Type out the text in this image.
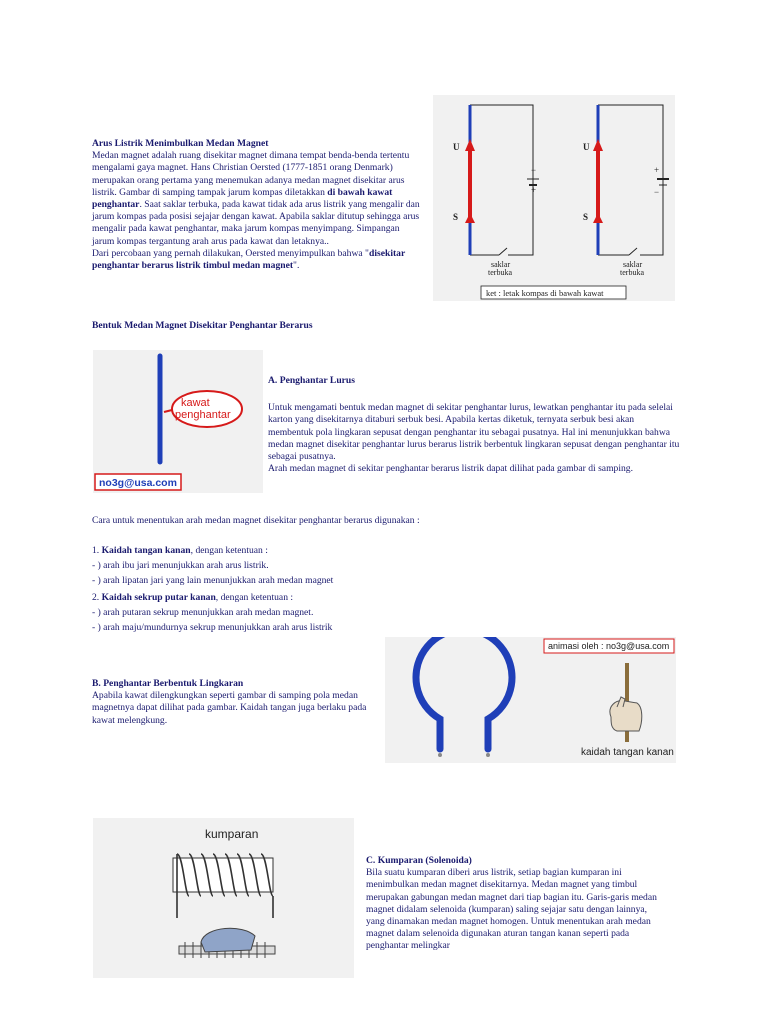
Arus Listrik Menimbulkan Medan Magnet

Medan magnet adalah ruang disekitar magnet dimana tempat benda-benda tertentu mengalami gaya magnet. Hans Christian Oersted (1777-1851 orang Denmark) merupakan orang pertama yang menemukan adanya medan magnet disekitar arus listrik. Gambar di samping tampak jarum kompas diletakkan di bawah kawat penghantar. Saat saklar terbuka, pada kawat tidak ada arus listrik yang mengalir dan jarum kompas pada posisi sejajar dengan kawat. Apabila saklar ditutup sehingga arus mengalir pada kawat penghantar, maka jarum kompas menyimpang. Simpangan jarum kompas tergantung arah arus pada kawat dan letaknya..

Dari percobaan yang pernah dilakukan, Oersted menyimpulkan bahwa "disekitar penghantar berarus listrik timbul medan magnet".

U
S
−
+
saklar
terbuka
U
S
+
−
saklar
terbuka
ket : letak kompas di bawah kawat

Bentuk Medan Magnet Disekitar Penghantar Berarus

kawat
penghantar
no3g@usa.com

A. Penghantar Lurus

Untuk mengamati bentuk medan magnet di sekitar penghantar lurus, lewatkan penghantar itu pada selelai karton yang disekitarnya ditaburi serbuk besi. Apabila kertas diketuk, ternyata serbuk besi akan membentuk pola lingkaran sepusat dengan penghantar itu sebagai pusatnya. Hal ini menunjukkan bahwa medan magnet disekitar penghantar lurus berarus listrik berbentuk lingkaran sepusat dengan penghantar itu sebagai pusatnya.

Arah medan magnet di sekitar penghantar berarus listrik dapat dilihat pada gambar di samping.

Cara untuk menentukan arah medan magnet disekitar penghantar berarus digunakan :

1. Kaidah tangan kanan, dengan ketentuan :

- ) arah ibu jari menunjukkan arah arus listrik.

- ) arah lipatan jari yang lain menunjukkan arah medan magnet

2. Kaidah sekrup putar kanan, dengan ketentuan :

- ) arah putaran sekrup menunjukkan arah medan magnet.

- ) arah maju/mundurnya sekrup menunjukkan arah arus listrik

B. Penghantar Berbentuk Lingkaran

Apabila kawat dilengkungkan seperti gambar di samping pola medan magnetnya dapat dilihat pada gambar. Kaidah tangan juga berlaku pada kawat melengkung.

animasi oleh : no3g@usa.com
kaidah tangan kanan
kumparan

C. Kumparan (Solenoida)

Bila suatu kumparan diberi arus listrik, setiap bagian kumparan ini menimbulkan medan magnet disekitarnya. Medan magnet yang timbul merupakan gabungan medan magnet dari tiap bagian itu. Garis-garis medan magnet didalam selenoida (kumparan) saling sejajar satu dengan lainnya, yang dinamakan medan magnet homogen. Untuk menentukan arah medan magnet dalam selenoida digunakan aturan tangan kanan seperti pada penghantar melingkar
